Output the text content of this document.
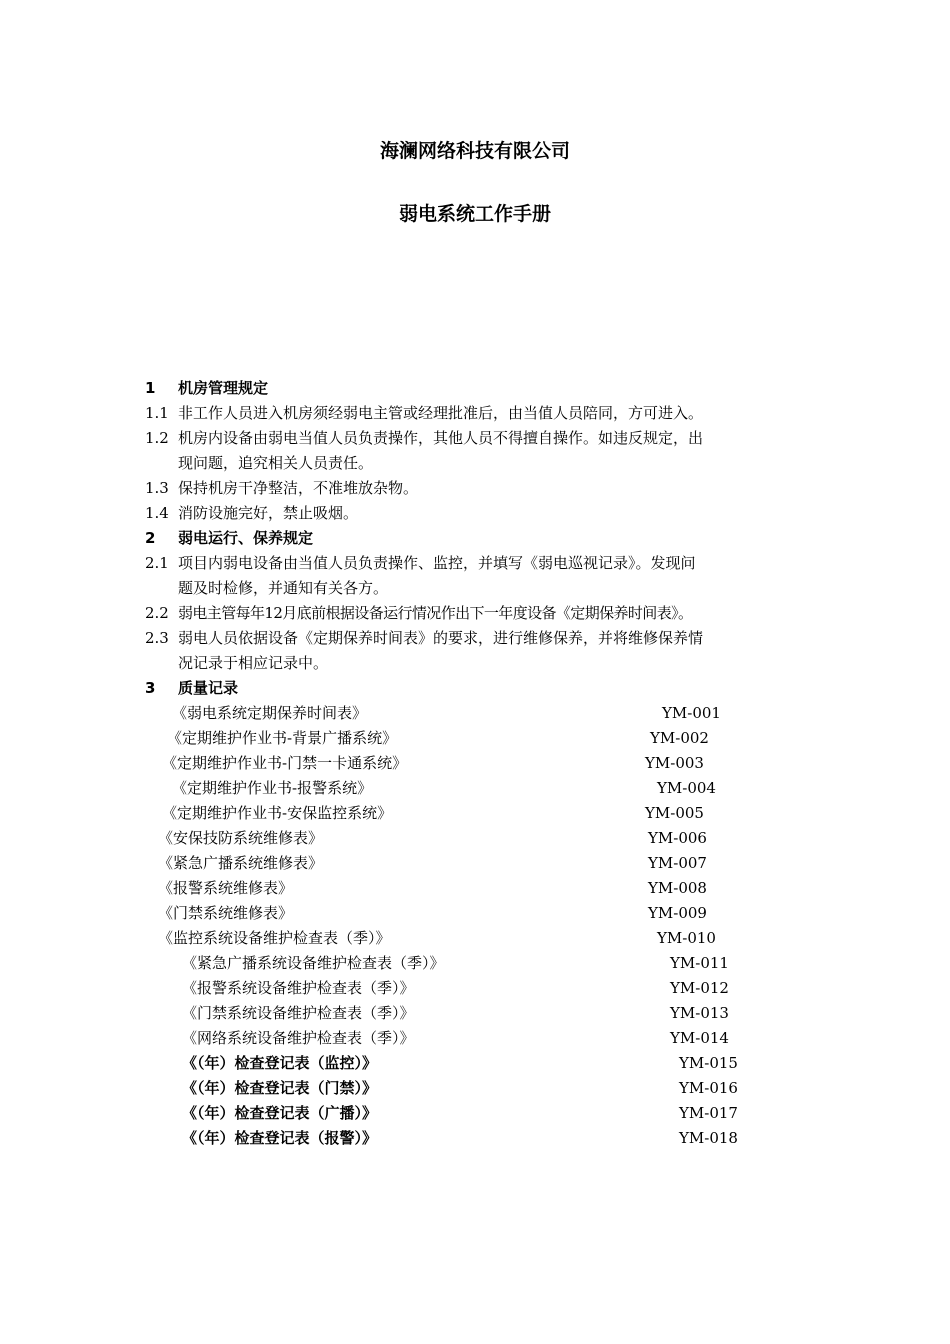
海澜网络科技有限公司
弱电系统工作手册
1 机房管理规定
1.1 非工作人员进入机房须经弱电主管或经理批准后，由当值人员陪同，方可进入。
1.2 机房内设备由弱电当值人员负责操作，其他人员不得擅自操作。如违反规定，出
现问题，追究相关人员责任。
1.3 保持机房干净整洁，不准堆放杂物。
1.4 消防设施完好，禁止吸烟。
2 弱电运行、保养规定
2.1 项目内弱电设备由当值人员负责操作、监控，并填写《弱电巡视记录》。发现问
题及时检修，并通知有关各方。
2.2 弱电主管每年12月底前根据设备运行情况作出下一年度设备《定期保养时间表》。
2.3 弱电人员依据设备《定期保养时间表》的要求，进行维修保养，并将维修保养情
况记录于相应记录中。
3 质量记录
《弱电系统定期保养时间表》	YM-001
《定期维护作业书-背景广播系统》	YM-002
《定期维护作业书-门禁一卡通系统》	YM-003
《定期维护作业书-报警系统》	YM-004
《定期维护作业书-安保监控系统》	YM-005
《安保技防系统维修表》	YM-006
《紧急广播系统维修表》	YM-007
《报警系统维修表》	YM-008
《门禁系统维修表》	YM-009
《监控系统设备维护检查表（季）》	YM-010
《紧急广播系统设备维护检查表（季）》	YM-011
《报警系统设备维护检查表（季）》	YM-012
《门禁系统设备维护检查表（季）》	YM-013
《网络系统设备维护检查表（季）》	YM-014
《（年）检查登记表（监控）》	YM-015
《（年）检查登记表（门禁）》	YM-016
《（年）检查登记表（广播）》	YM-017
《（年）检查登记表（报警）》	YM-018
